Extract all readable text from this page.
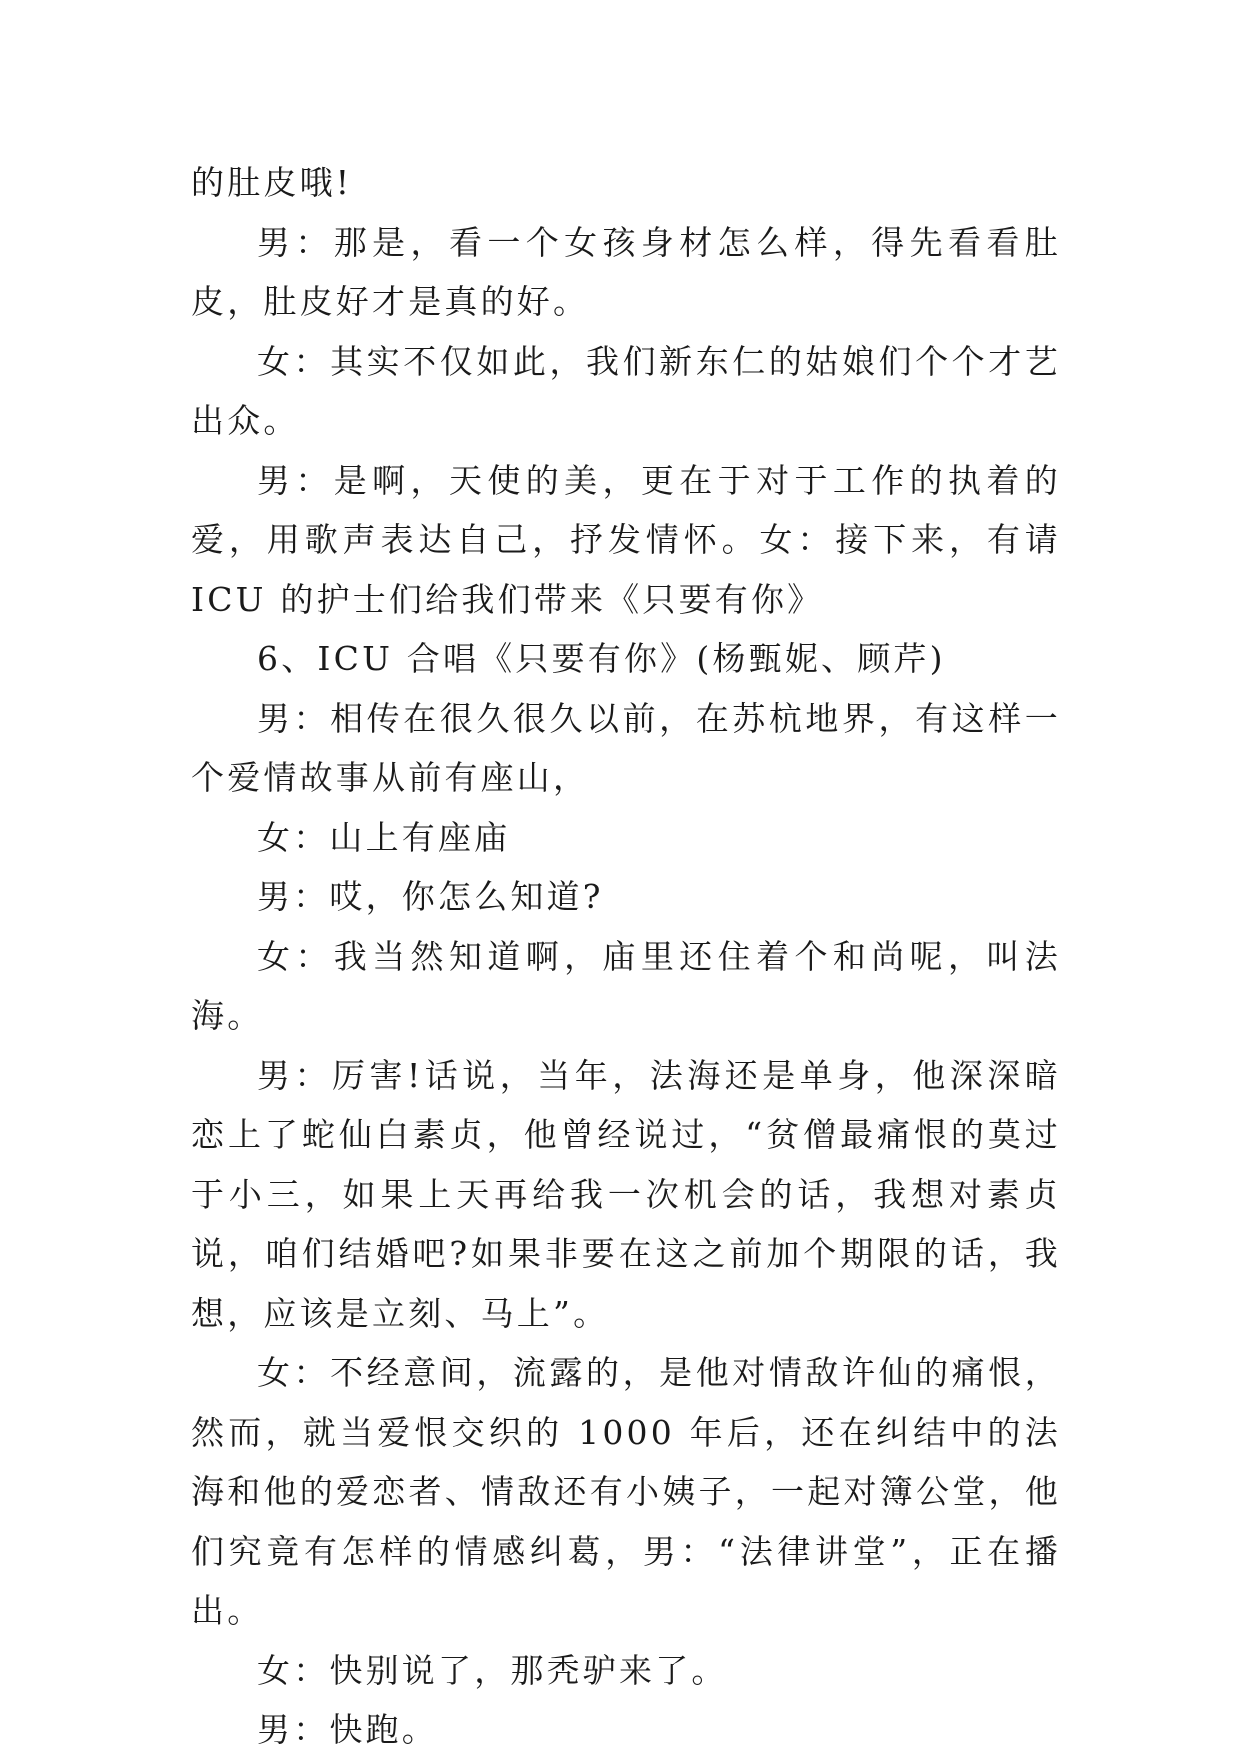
的肚皮哦!

男：那是，看一个女孩身材怎么样，得先看看肚皮，肚皮好才是真的好。

女：其实不仅如此，我们新东仁的姑娘们个个才艺出众。

男：是啊，天使的美，更在于对于工作的执着的爱，用歌声表达自己，抒发情怀。女：接下来，有请 ICU 的护士们给我们带来《只要有你》

6、ICU 合唱《只要有你》(杨甄妮、顾芹)

男：相传在很久很久以前，在苏杭地界，有这样一个爱情故事从前有座山，

女：山上有座庙

男：哎，你怎么知道?

女：我当然知道啊，庙里还住着个和尚呢，叫法海。

男：厉害!话说，当年，法海还是单身，他深深暗恋上了蛇仙白素贞，他曾经说过，“贫僧最痛恨的莫过于小三，如果上天再给我一次机会的话，我想对素贞说，咱们结婚吧?如果非要在这之前加个期限的话，我想，应该是立刻、马上”。

女：不经意间，流露的，是他对情敌许仙的痛恨，然而，就当爱恨交织的 1000 年后，还在纠结中的法海和他的爱恋者、情敌还有小姨子，一起对簿公堂，他们究竟有怎样的情感纠葛，男：“法律讲堂”，正在播出。

女：快别说了，那秃驴来了。

男：快跑。
